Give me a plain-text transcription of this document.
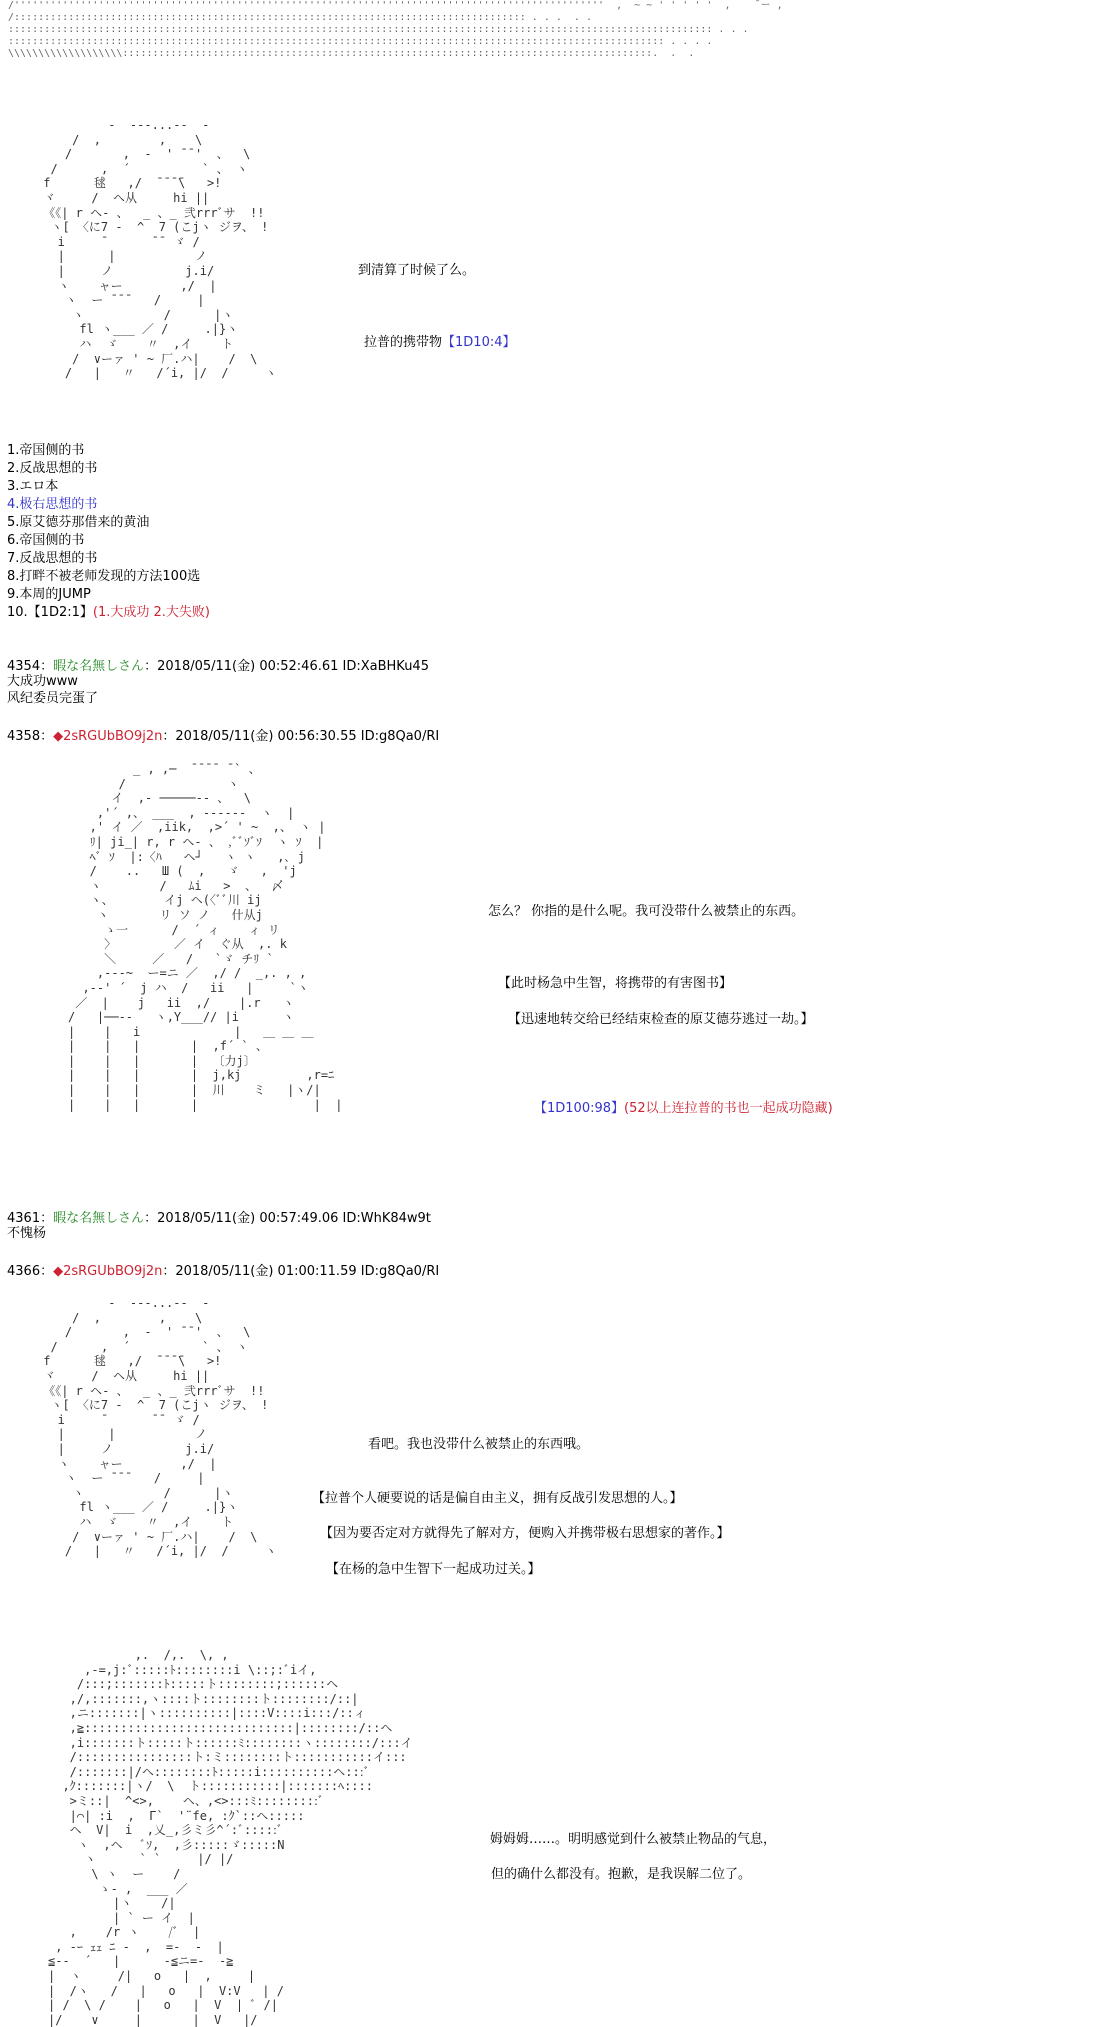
/''''''''''''''''''''''''''''''''''''''''''''''''''''''''''''''''''''''''''''''''''''''''''''''''''  ,  ~ ~ ' ' ' ' '  ,    ̄ ー ,
/::::::::::::::::::::::::::::::::::::::::::::::::::::::::::::::::::::::::::::::::::::: . . .  . .
::::::::::::::::::::::::::::::::::::::::::::::::::::::::::::::::::::::::::::::::::::::::::::::::::::::::::::::::::::: . . .
::::::::::::::::::::::::::::::::::::::::::::::::::::::::::::::::::::::::::::::::::::::::::::::::::::::::::::: . . . .
\\\\\\\\\\\\\\\\\\\::::::::::::::::::::::::::::::::::::::::::::::::::::::::::::::::::::::::::::::::::::::::.  .  .
-  ---...--  -
/  ,        ,    \
/       ,  -  ' ̄ ̄ '  、  \
/      ,  ´          ` 、 ヽ
f      毬   ,/  ̄ ̄ ̄ ̄\   >!
ヾ     /  ヘ从     hi ||
《《| r ヘ- 、  _ 、_ 弐rrrﾞサ  !!
ヽ[ 〈に7 ‐  ^  7 (こjヽ ジヲ、 !
i     ̄       ̄ ̄  ゞ /
|      |           ノ
|     ノ          j.i/
ヽ    ャー        ,/  |
ヽ  ー ̄ ̄ ̄    /     |
ヽ           /      |ヽ
fl ヽ___ ／ /     .|}ヽ
ハ  ゞ    〃  ,イ    ト
/  ∨ーァ ' ~ 厂.ハ|    /  \
/   |   〃   /´i, |/  /     ヽ
到清算了时候了么。
拉普的携带物【1D10:4】
1.帝国侧的书
2.反战思想的书
3.エロ本
4.极右思想的书
5.原艾德芬那借来的黄油
6.帝国侧的书
7.反战思想的书
8.打畔不被老师发现的方法100选
9.本周的JUMP
10.【1D2:1】(1.大成功 2.大失败)
4354：暇な名無しさん：2018/05/11(金) 00:52:46.61 ID:XaBHKu45
大成功www
风纪委员完蛋了
4358：◆2sRGUbBO9j2n：2018/05/11(金) 00:56:30.55 ID:g8Qa0/RI
_ , ,─  ̄ ̄ ̄ ̄  ̄ ` 、
/              ヽ
イ  ,- ─────-- 、  \
,'´ ,、 ___  , -‐--‐-  ヽ  |
,' イ ／  ,iik,  ,>´ ' ~  ,、 ヽ |
ﾘ| ji_| r, r ヘ- 、 ,ﾞﾞｿﾞｿ  ヽ ｿ  |
ﾍﾞ ｿ  |:〈ﾊ   ヘ┘   ヽ ヽ   ,､ j
/    ..   Ш (  ,   ゞ   ,  'j
ヽ        /   ﾑi   >  、  〆
ヽ、       イj ヘ(〈ﾞﾞ川 ij
ヽ       リ ソ ノ   什从j
ゝ一      /  ´ ィ    ィ リ
〉        ／ イ  ぐ从  ,. k
＼     ／   /   `ゞ チﾘ `
,-‐‐~  ー=ニ ／  ,/ /  _,. , ,
,-‐' ´  j ハ  /   ii   |     `ヽ
／  |    j   ii  ,/    |.r   ヽ
/   |──-‐   ヽ,Y___// |i      ヽ
|    |   i             |   ＿ ＿ ＿
|    |   |       |  ,f´ ` 、
|    |   |       |  〔力j〕
|    |   |       |  j,kj         ,r=ﾆ
|    |   |       |  川    ミ   |ヽ/|
|    |   |       |                |  |
怎么？ 你指的是什么呢。我可没带什么被禁止的东西。
【此时杨急中生智，将携带的有害图书】
【迅速地转交给已经结束检查的原艾德芬逃过一劫。】
【1D100:98】(52以上连拉普的书也一起成功隐藏)
4361：暇な名無しさん：2018/05/11(金) 00:57:49.06 ID:WhK84w9t
不愧杨
4366：◆2sRGUbBO9j2n：2018/05/11(金) 01:00:11.59 ID:g8Qa0/RI
-  ---...--  -
/  ,        ,    \
/       ,  -  ' ̄ ̄ '  、  \
/      ,  ´          ` 、 ヽ
f      毬   ,/  ̄ ̄ ̄ ̄\   >!
ヾ     /  ヘ从     hi ||
《《| r ヘ- 、  _ 、_ 弐rrrﾞサ  !!
ヽ[ 〈に7 ‐  ^  7 (こjヽ ジヲ、 !
i     ̄       ̄ ̄  ゞ /
|      |           ノ
|     ノ          j.i/
ヽ    ャー        ,/  |
ヽ  ー ̄ ̄ ̄    /     |
ヽ           /      |ヽ
fl ヽ___ ／ /     .|}ヽ
ハ  ゞ    〃  ,イ    ト
/  ∨ーァ ' ~ 厂.ハ|    /  \
/   |   〃   /´i, |/  /     ヽ
看吧。我也没带什么被禁止的东西哦。
【拉普个人硬要说的话是偏自由主义，拥有反战引发思想的人。】
【因为要否定对方就得先了解对方，便购入并携带极右思想家的著作。】
【在杨的急中生智下一起成功过关。】
,.  /,.  \, ,
,-=,j:ﾞ:::::ﾄ::::::::i \::;:ﾞiイ,
/:::;:::::::ﾄ:::::ト::::::::;::::::ヘ
,/,:::::::,ヽ::::ト::::::::ト::::::::/::|
,ニ:::::::|ヽ::::::::::|::::V::::i:::/::ィ
,≧:::::::::::::::::::::::::::::|::::::::/::ヘ
,i:::::::ト:::::ト::::::ﾐ::::::::ヽ::::::::/:::イ
/::::::::::::::::ト:ミ::::::::ト:::::::::::イ:::
/:::::::|/ヘ::::::::ﾄ:::::i::::::::::ヘ:::ﾞ
,ｸ:::::::|ヽ/  \  ト:::::::::::|:::::::ﾍ::::
>ミ::|  ^<>,    ヘ、,<>:::ﾐ:::::::::ﾞ
|⌒| :i  ,  Γ`  '¨fe, :ｸ`::ヘ:::::
ヘ  V|  i  ,乂_,彡ミ彡^´:ﾞ:::::ﾞ
ヽ  ,ヘ   ﾞｿ,  ,彡:::::ゞ:::::N
ヽ      ` `     |/ |/
\ ヽ  ー    /
ゝ- ,  ___ ／
|ヽ    /|
| ` ー イ  |
,    /r ヽ    /ﾞ  |
, -ｰ ｪｪ ﾆ ‐  ,  =-  ‐  |
≦--  ´   |      ‐≦ニ=‐  ‐≧
|  ヽ     /|   o   |  ,     |
|  /ヽ   /   |   o   |  V:V   | /
| /  \ /    |   o   |  V  | ﾞ /|
|/    ∨     |       |  V   |/
姆姆姆……。明明感觉到什么被禁止物品的气息，
但的确什么都没有。抱歉，是我误解二位了。
